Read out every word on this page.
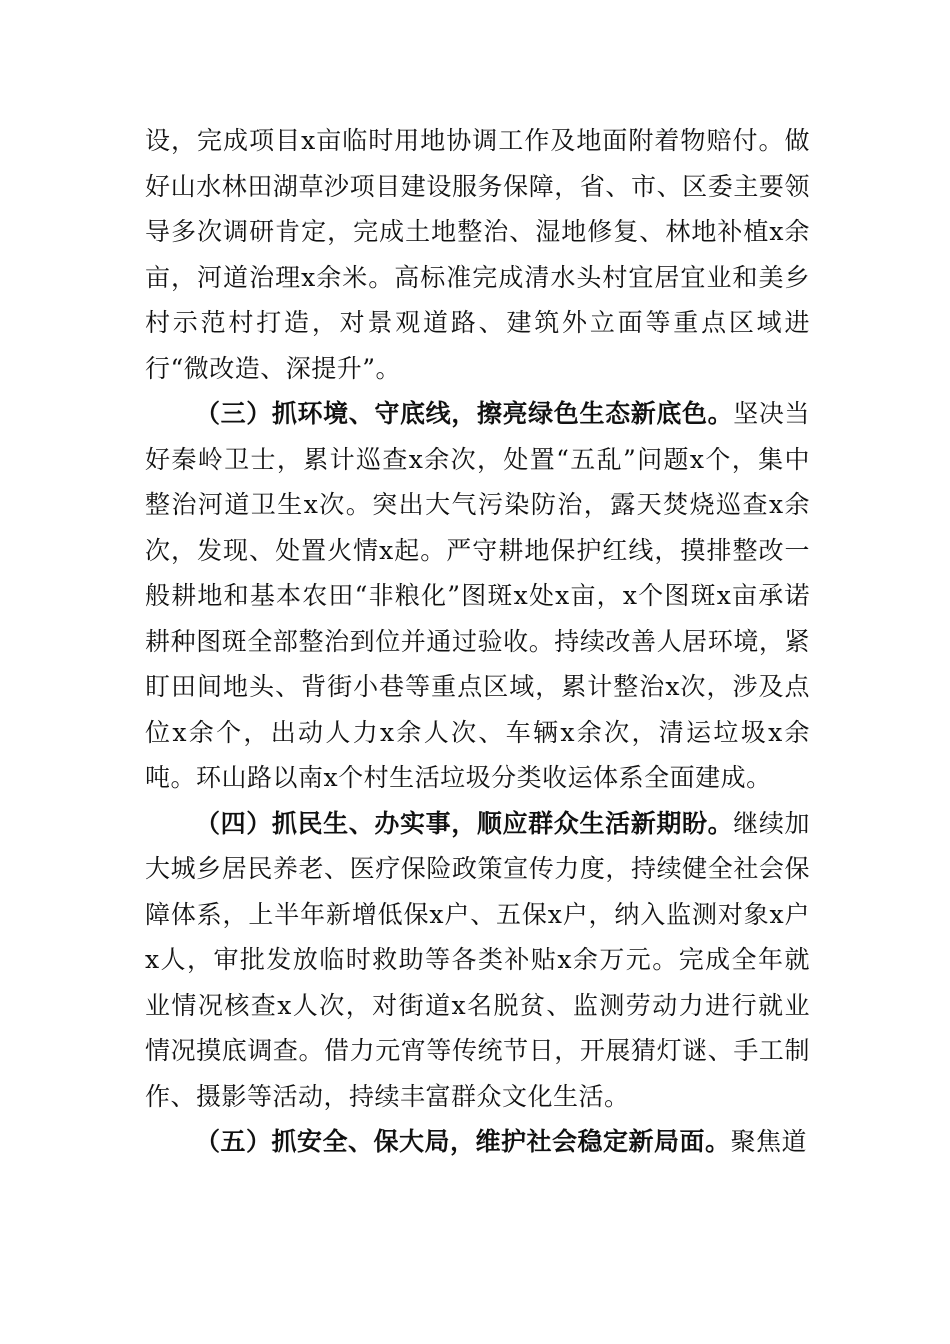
设，完成项目x亩临时用地协调工作及地面附着物赔付。做好山水林田湖草沙项目建设服务保障，省、市、区委主要领导多次调研肯定，完成土地整治、湿地修复、林地补植x余亩，河道治理x余米。高标准完成清水头村宜居宜业和美乡村示范村打造，对景观道路、建筑外立面等重点区域进行“微改造、深提升”。

（三）抓环境、守底线，擦亮绿色生态新底色。坚决当好秦岭卫士，累计巡查x余次，处置“五乱”问题x个，集中整治河道卫生x次。突出大气污染防治，露天焚烧巡查x余次，发现、处置火情x起。严守耕地保护红线，摸排整改一般耕地和基本农田“非粮化”图斑x处x亩，x个图斑x亩承诺耕种图斑全部整治到位并通过验收。持续改善人居环境，紧盯田间地头、背街小巷等重点区域，累计整治x次，涉及点位x余个，出动人力x余人次、车辆x余次，清运垃圾x余吨。环山路以南x个村生活垃圾分类收运体系全面建成。

（四）抓民生、办实事，顺应群众生活新期盼。继续加大城乡居民养老、医疗保险政策宣传力度，持续健全社会保障体系，上半年新增低保x户、五保x户，纳入监测对象x户x人，审批发放临时救助等各类补贴x余万元。完成全年就业情况核查x人次，对街道x名脱贫、监测劳动力进行就业情况摸底调查。借力元宵等传统节日，开展猜灯谜、手工制作、摄影等活动，持续丰富群众文化生活。

（五）抓安全、保大局，维护社会稳定新局面。聚焦道
